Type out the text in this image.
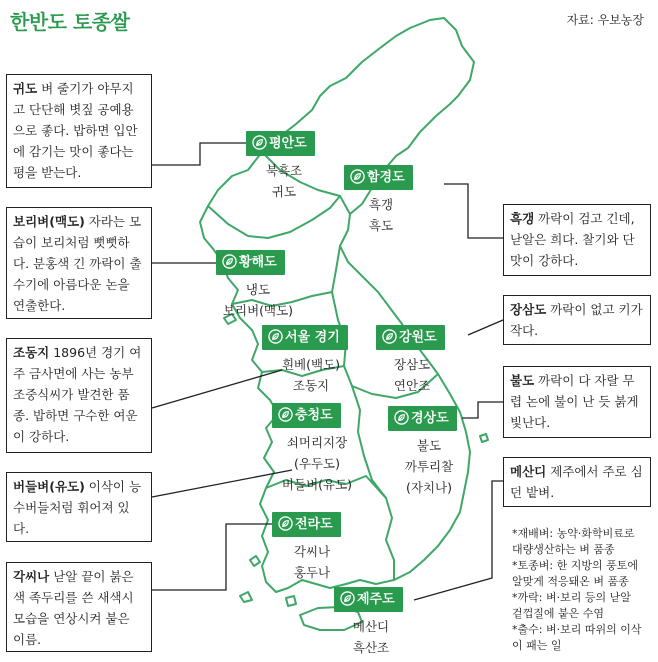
한반도 토종쌀	자료: 우보농장
평안도
함경도
황해도
서울 경기	강원도
충청도	경상도
전라도
제주도
북흑조
귀도
흑갱
흑도
냉도
보리벼(맥도)
흰베(백도)
조동지
장삼도
연안조
쇠머리지장
(우두도)
버들벼(유도)
불도
까투리찰
(자치나)
각씨나
홍두나
메산디
흑산조
귀도 벼 줄기가 야무지고 단단해 볏짚 공예용으로 좋다. 밥하면 입안에 감기는 맛이 좋다는 평을 받는다.
보리벼(맥도) 자라는 모습이 보리처럼 뻣뻣하다. 분홍색 긴 까락이 출수기에 아름다운 논을 연출한다.
조동지 1896년 경기 여주 금사면에 사는 농부 조중식씨가 발견한 품종. 밥하면 구수한 여운이 강하다.
버들벼(유도) 이삭이 능수버들처럼 휘어져 있다.
각씨나 낟알 끝이 붉은색 족두리를 쓴 새색시 모습을 연상시켜 붙은 이름.
흑갱 까락이 검고 긴데, 낟알은 희다. 찰기와 단맛이 강하다.
장삼도 까락이 없고 키가 작다.
불도 까락이 다 자랄 무렵 논에 불이 난 듯 붉게 빛난다.
메산디 제주에서 주로 심던 밭벼.
*재배벼: 농약·화학비료로
대량생산하는 벼 품종
*토종벼: 한 지방의 풍토에
알맞게 적응돼온 벼 품종
*까락: 벼·보리 등의 낟알
겉껍질에 붙은 수염
*출수: 벼·보리 따위의 이삭
이 패는 일
